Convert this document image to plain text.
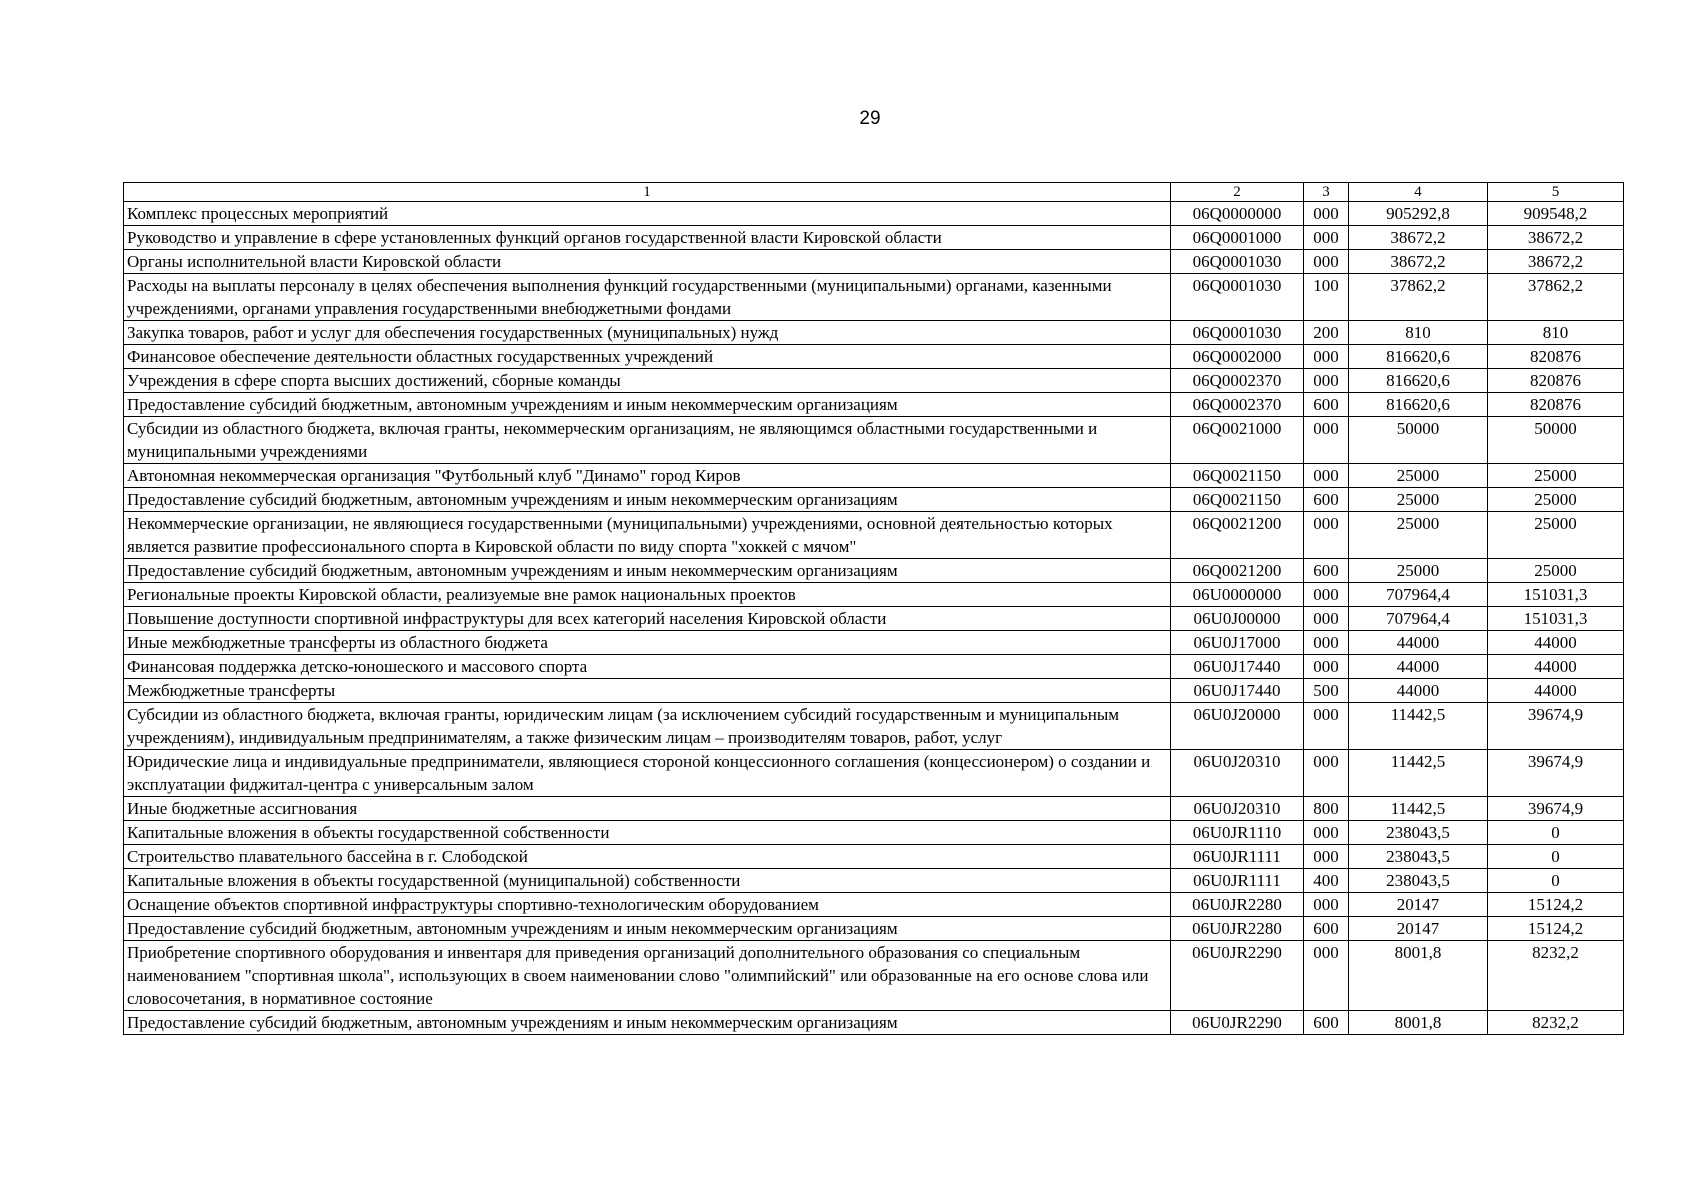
29
1	2	3	4	5
Комплекс процессных мероприятий	06Q0000000	000	905292,8	909548,2
Руководство и управление в сфере установленных функций органов государственной власти Кировской области	06Q0001000	000	38672,2	38672,2
Органы исполнительной власти Кировской области	06Q0001030	000	38672,2	38672,2
Расходы на выплаты персоналу в целях обеспечения выполнения функций государственными (муниципальными) органами, казенными учреждениями, органами управления государственными внебюджетными фондами	06Q0001030	100	37862,2	37862,2
Закупка товаров, работ и услуг для обеспечения государственных (муниципальных) нужд	06Q0001030	200	810	810
Финансовое обеспечение деятельности областных государственных учреждений	06Q0002000	000	816620,6	820876
Учреждения в сфере спорта высших достижений, сборные команды	06Q0002370	000	816620,6	820876
Предоставление субсидий бюджетным, автономным учреждениям и иным некоммерческим организациям	06Q0002370	600	816620,6	820876
Субсидии из областного бюджета, включая гранты, некоммерческим организациям, не являющимся областными государственными и муниципальными учреждениями	06Q0021000	000	50000	50000
Автономная некоммерческая организация "Футбольный клуб "Динамо" город Киров	06Q0021150	000	25000	25000
Предоставление субсидий бюджетным, автономным учреждениям и иным некоммерческим организациям	06Q0021150	600	25000	25000
Некоммерческие организации, не являющиеся государственными (муниципальными) учреждениями, основной деятельностью которых является развитие профессионального спорта в Кировской области по виду спорта "хоккей с мячом"	06Q0021200	000	25000	25000
Предоставление субсидий бюджетным, автономным учреждениям и иным некоммерческим организациям	06Q0021200	600	25000	25000
Региональные проекты Кировской области, реализуемые вне рамок национальных проектов	06U0000000	000	707964,4	151031,3
Повышение доступности спортивной инфраструктуры для всех категорий населения Кировской области	06U0J00000	000	707964,4	151031,3
Иные межбюджетные трансферты из областного бюджета	06U0J17000	000	44000	44000
Финансовая поддержка детско-юношеского и массового спорта	06U0J17440	000	44000	44000
Межбюджетные трансферты	06U0J17440	500	44000	44000
Субсидии из областного бюджета, включая гранты, юридическим лицам (за исключением субсидий государственным и муниципальным учреждениям), индивидуальным предпринимателям, а также физическим лицам – производителям товаров, работ, услуг	06U0J20000	000	11442,5	39674,9
Юридические лица и индивидуальные предприниматели, являющиеся стороной концессионного соглашения (концессионером) о создании и эксплуатации фиджитал-центра с универсальным залом	06U0J20310	000	11442,5	39674,9
Иные бюджетные ассигнования	06U0J20310	800	11442,5	39674,9
Капитальные вложения в объекты государственной собственности	06U0JR1110	000	238043,5	0
Строительство плавательного бассейна в г. Слободской	06U0JR1111	000	238043,5	0
Капитальные вложения в объекты государственной (муниципальной) собственности	06U0JR1111	400	238043,5	0
Оснащение объектов спортивной инфраструктуры спортивно-технологическим оборудованием	06U0JR2280	000	20147	15124,2
Предоставление субсидий бюджетным, автономным учреждениям и иным некоммерческим организациям	06U0JR2280	600	20147	15124,2
Приобретение спортивного оборудования и инвентаря для приведения организаций дополнительного образования со специальным наименованием "спортивная школа", использующих в своем наименовании слово "олимпийский" или образованные на его основе слова или словосочетания, в нормативное состояние	06U0JR2290	000	8001,8	8232,2
Предоставление субсидий бюджетным, автономным учреждениям и иным некоммерческим организациям	06U0JR2290	600	8001,8	8232,2
